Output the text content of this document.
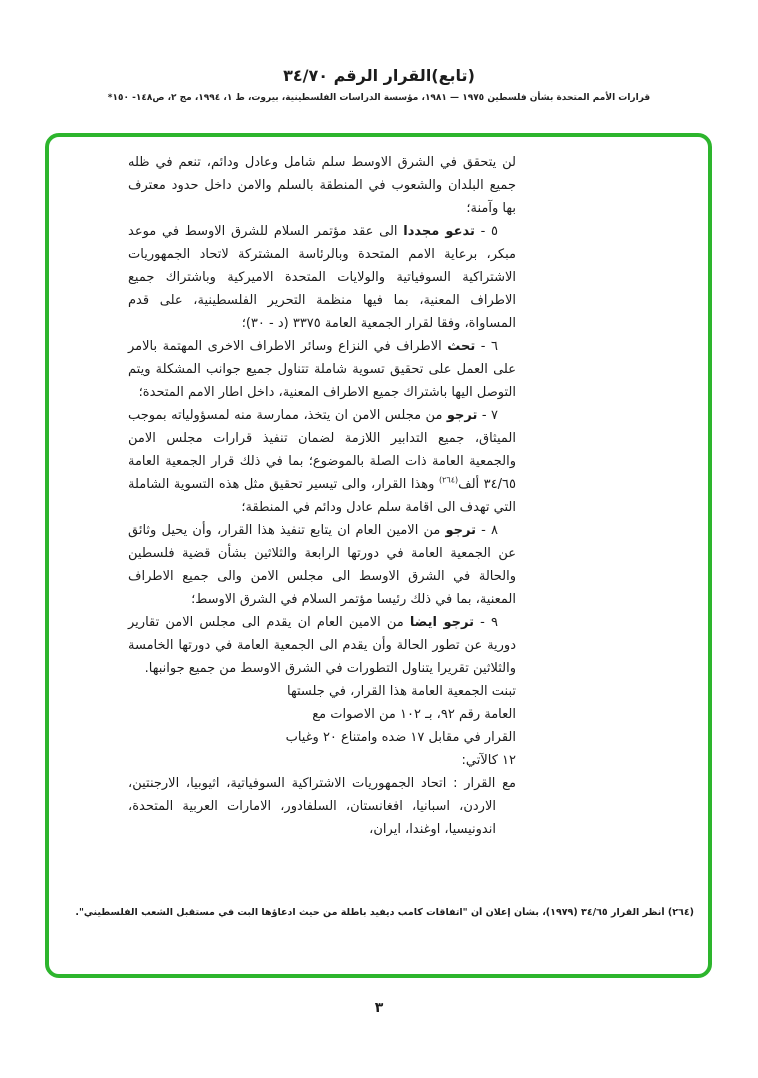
(تابع)القرار الرقم ٣٤/٧٠
قرارات الأمم المتحدة بشأن فلسطين ١٩٧٥ — ١٩٨١، مؤسسة الدراسات الفلسطينية، بيروت، ط ١، ١٩٩٤، مج ٢، ص١٤٨- ١٥٠*

لن يتحقق في الشرق الاوسط سلم شامل وعادل ودائم، تنعم في ظله جميع البلدان والشعوب في المنطقة بالسلم والامن داخل حدود معترف بها وآمنة؛

٥ - تدعو مجددا الى عقد مؤتمر السلام للشرق الاوسط في موعد مبكر، برعاية الامم المتحدة وبالرئاسة المشتركة لاتحاد الجمهوريات الاشتراكية السوفياتية والولايات المتحدة الاميركية وباشتراك جميع الاطراف المعنية، بما فيها منظمة التحرير الفلسطينية، على قدم المساواة، وفقا لقرار الجمعية العامة ٣٣٧٥ (د - ٣٠)؛

٦ - تحث الاطراف في النزاع وسائر الاطراف الاخرى المهتمة بالامر على العمل على تحقيق تسوية شاملة تتناول جميع جوانب المشكلة ويتم التوصل اليها باشتراك جميع الاطراف المعنية، داخل اطار الامم المتحدة؛

٧ - ترجو من مجلس الامن ان يتخذ، ممارسة منه لمسؤولياته بموجب الميثاق، جميع التدابير اللازمة لضمان تنفيذ قرارات مجلس الامن والجمعية العامة ذات الصلة بالموضوع؛ بما في ذلك قرار الجمعية العامة ٣٤/٦٥ ألف$^{(٢٦٤)}$ وهذا القرار، والى تيسير تحقيق مثل هذه التسوية الشاملة التي تهدف الى اقامة سلم عادل ودائم في المنطقة؛

٨ - ترجو من الامين العام ان يتابع تنفيذ هذا القرار، وأن يحيل وثائق عن الجمعية العامة في دورتها الرابعة والثلاثين بشأن قضية فلسطين والحالة في الشرق الاوسط الى مجلس الامن والى جميع الاطراف المعنية، بما في ذلك رئيسا مؤتمر السلام في الشرق الاوسط؛

٩ - ترجو ايضا من الامين العام ان يقدم الى مجلس الامن تقارير دورية عن تطور الحالة وأن يقدم الى الجمعية العامة في دورتها الخامسة والثلاثين تقريرا يتناول التطورات في الشرق الاوسط من جميع جوانبها.

تبنت الجمعية العامة هذا القرار، في جلستها العامة رقم ٩٢، بـ ١٠٢ من الاصوات مع القرار في مقابل ١٧ ضده وامتناع ٢٠ وغياب ١٢ كالآتي:

مع القرار : اتحاد الجمهوريات الاشتراكية السوفياتية، اثيوبيا، الارجنتين، الاردن، اسبانيا، افغانستان، السلفادور، الامارات العربية المتحدة، اندونيسيا، اوغندا، ايران،

(٢٦٤) أنظر القرار ٣٤/٦٥ (١٩٧٩)، بشأن إعلان أن "اتفاقات كامب ديفيد باطلة من حيث ادعاؤها البت في مستقبل الشعب الفلسطيني".
٣
